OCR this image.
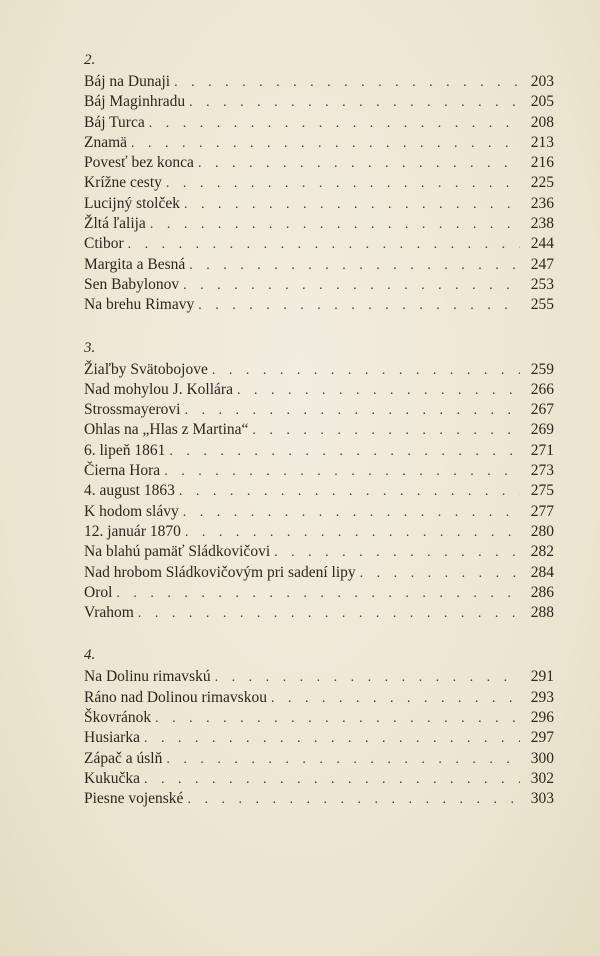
2.
Báj na Dunaji . . .	203
Báj Maginhradu . . .	205
Báj Turca . . .	208
Znamä . . .	213
Povesť bez konca . . .	216
Krížne cesty . . .	225
Lucijný stolček . . .	236
Žltá ľalija . . .	238
Ctibor . . .	244
Margita a Besná . . .	247
Sen Babylonov . . .	253
Na brehu Rimavy . . .	255
3.
Žiaľby Svätobojove . . .	259
Nad mohylou J. Kollára . . .	266
Strossmayerovi . . .	267
Ohlas na „Hlas z Martina“ . . .	269
6. lipeň 1861 . . .	271
Čierna Hora . . .	273
4. august 1863 . . .	275
K hodom slávy . . .	277
12. január 1870 . . .	280
Na blahú pamäť Sládkovičovi . . .	282
Nad hrobom Sládkovičovým pri sadení lipy . . .	284
Orol . . .	286
Vrahom . . .	288
4.
Na Dolinu rimavskú . . .	291
Ráno nad Dolinou rimavskou . . .	293
Škovránok . . .	296
Husiarka . . .	297
Zápač a úslň . . .	300
Kukučka . . .	302
Piesne vojenské . . .	303
